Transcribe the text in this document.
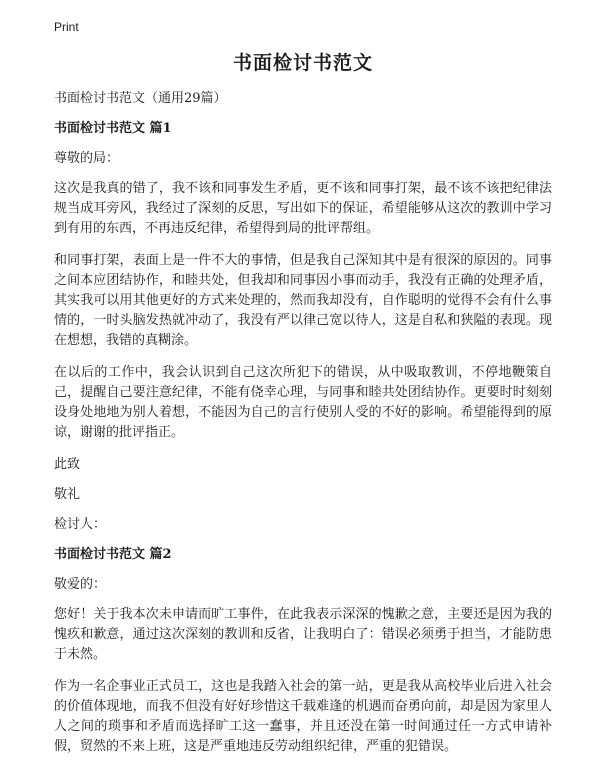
Print
书面检讨书范文
书面检讨书范文（通用29篇）
书面检讨书范文 篇1
尊敬的局：
这次是我真的错了，我不该和同事发生矛盾，更不该和同事打架，最不该不该把纪律法规当成耳旁风，我经过了深刻的反思，写出如下的保证，希望能够从这次的教训中学习到有用的东西，不再违反纪律，希望得到局的批评帮组。
和同事打架，表面上是一件不大的事情，但是我自己深知其中是有很深的原因的。同事之间本应团结协作，和睦共处，但我却和同事因小事而动手，我没有正确的处理矛盾，其实我可以用其他更好的方式来处理的，然而我却没有，自作聪明的觉得不会有什么事情的，一时头脑发热就冲动了，我没有严以律己宽以待人，这是自私和狭隘的表现。现在想想，我错的真糊涂。
在以后的工作中，我会认识到自己这次所犯下的错误，从中吸取教训，不停地鞭策自己，提醒自己要注意纪律，不能有侥幸心理，与同事和睦共处团结协作。更要时时刻刻设身处地地为别人着想，不能因为自己的言行使别人受的不好的影响。希望能得到的原谅，谢谢的批评指正。
此致
敬礼
检讨人：
书面检讨书范文 篇2
敬爱的：
您好！关于我本次未申请而旷工事件，在此我表示深深的愧歉之意，主要还是因为我的愧疚和歉意，通过这次深刻的教训和反省，让我明白了：错误必须勇于担当，才能防患于未然。
作为一名企事业正式员工，这也是我踏入社会的第一站，更是我从高校毕业后进入社会的价值体现地，而我不但没有好好珍惜这千载难逢的机遇而奋勇向前，却是因为家里人人之间的琐事和矛盾而选择旷工这一蠢事，并且还没在第一时间通过任一方式申请补假，贸然的不来上班，这是严重地违反劳动组织纪律，严重的犯错误。
